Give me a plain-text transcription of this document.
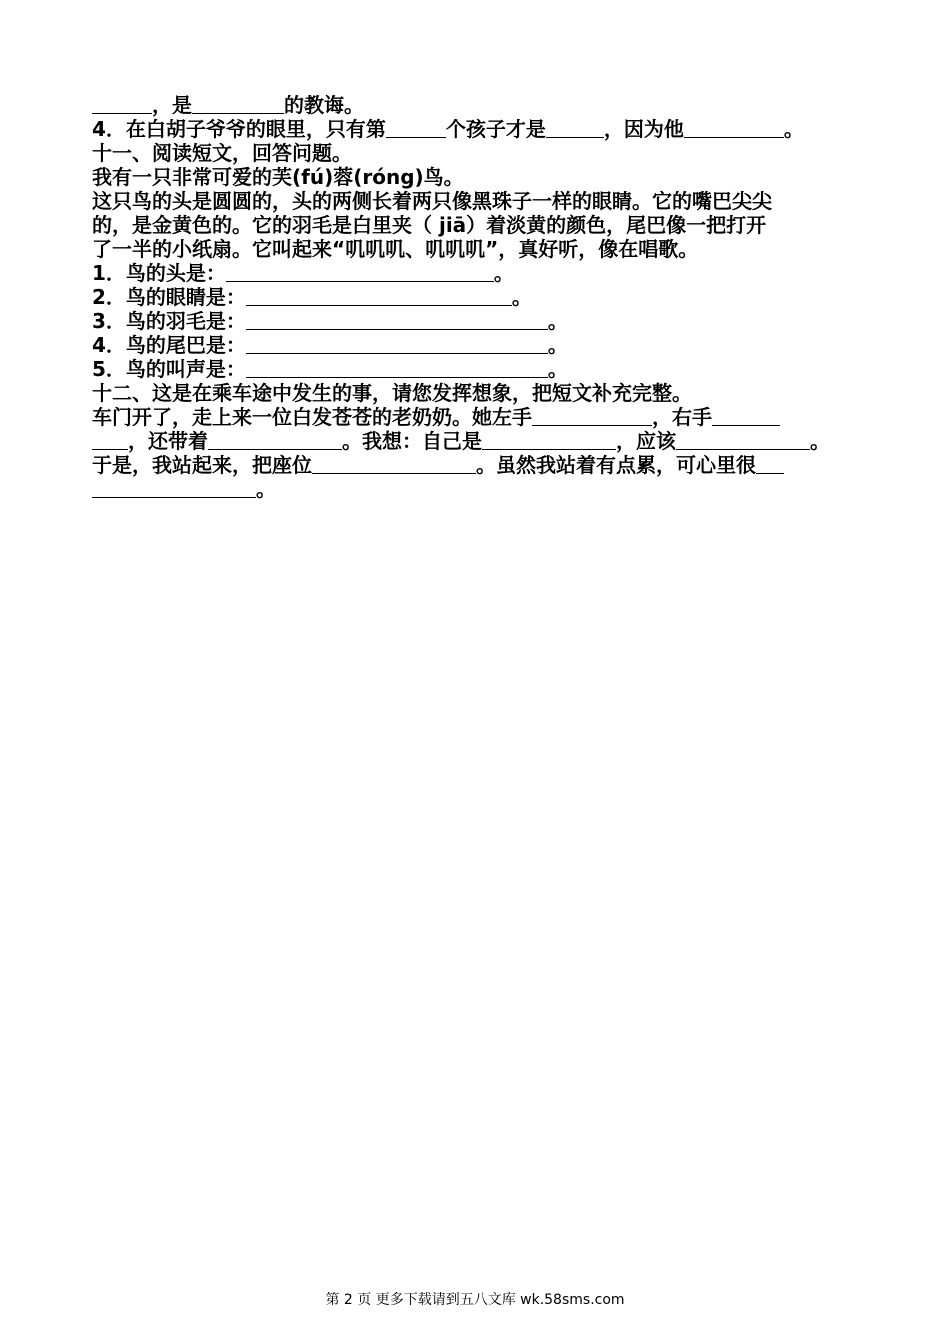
，是	的教诲。
4．在白胡子爷爷的眼里，只有第	个孩子才是	，因为他	。
十一、阅读短文，回答问题。
我有一只非常可爱的芙(fú)蓉(róng)鸟。
这只鸟的头是圆圆的，头的两侧长着两只像黑珠子一样的眼睛。它的嘴巴尖尖
的，是金黄色的。它的羽毛是白里夹（ jiā）着淡黄的颜色，尾巴像一把打开
了一半的小纸扇。它叫起来“叽叽叽、叽叽叽”，真好听，像在唱歌。
1．鸟的头是：	。
2．鸟的眼睛是：	。
3．鸟的羽毛是：	。
4．鸟的尾巴是：	。
5．鸟的叫声是：	。
十二、这是在乘车途中发生的事，请您发挥想象，把短文补充完整。
车门开了，走上来一位白发苍苍的老奶奶。她左手	，右手
，还带着	。我想：自己是	，应该	。
于是，我站起来，把座位	。虽然我站着有点累，可心里很
。
第 2 页 更多下载请到五八文库 wk.58sms.com
